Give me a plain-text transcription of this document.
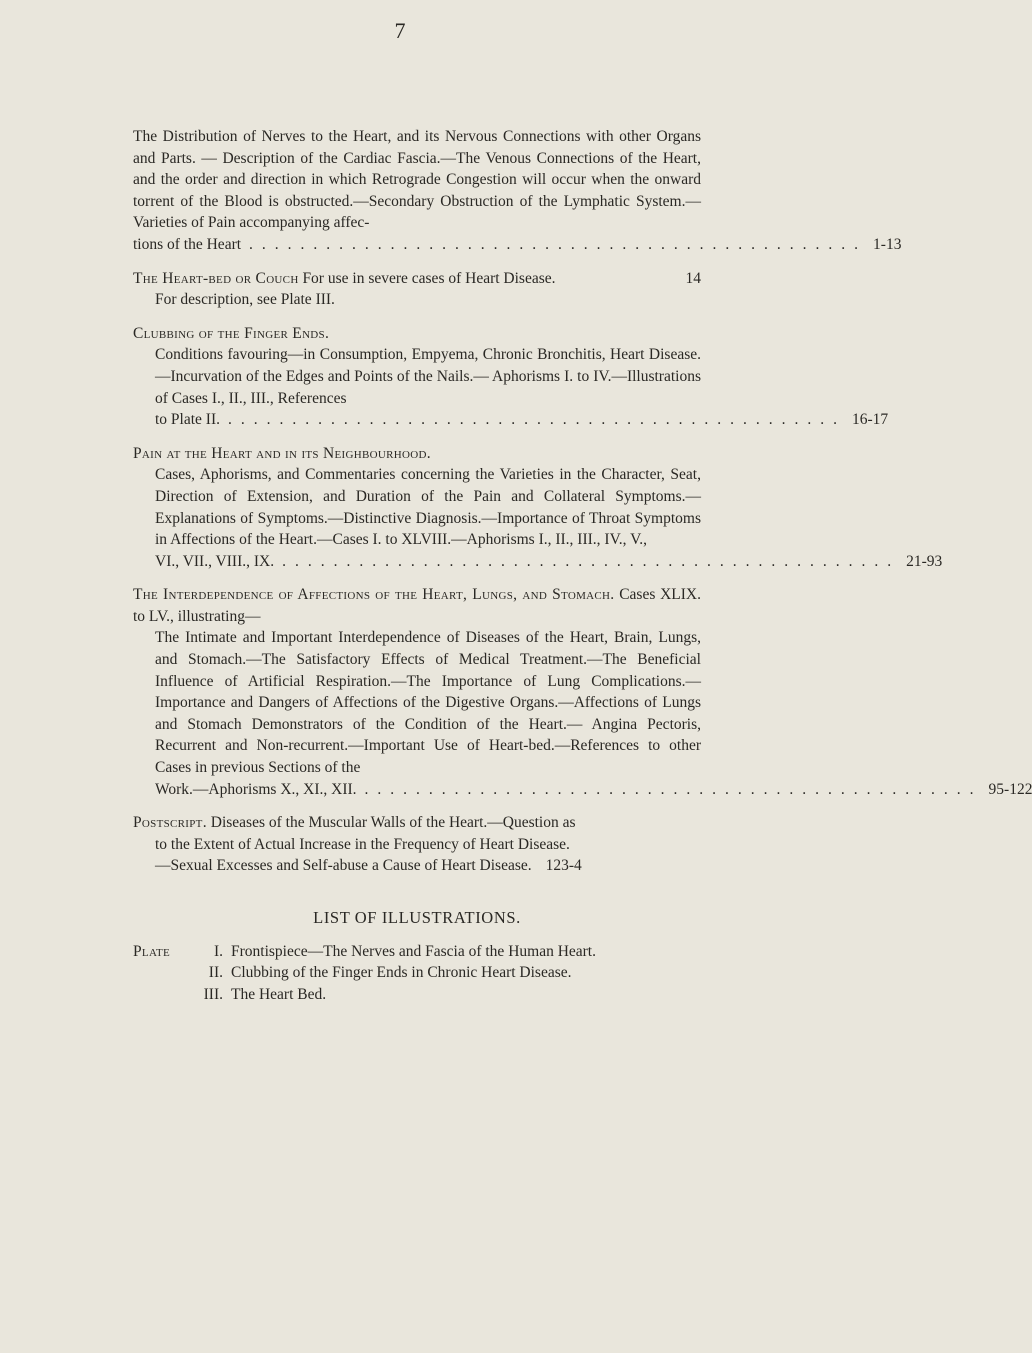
7

The Distribution of Nerves to the Heart, and its Nervous Connections with other Organs and Parts. — Description of the Cardiac Fascia.—The Venous Connections of the Heart, and the order and direction in which Retrograde Congestion will occur when the onward torrent of the Blood is obstructed.—Secondary Obstruction of the Lymphatic System.—Varieties of Pain accompanying affec-

tions of the Heart ................................................ 1-13
The Heart-bed or Couch For use in severe cases of Heart Disease.	14

For description, see Plate III.

Clubbing of the Finger Ends.

Conditions favouring—in Consumption, Empyema, Chronic Bronchitis, Heart Disease.—Incurvation of the Edges and Points of the Nails.— Aphorisms I. to IV.—Illustrations of Cases I., II., III., References

to Plate II. ................................................ 16-17

Pain at the Heart and in its Neighbourhood.

Cases, Aphorisms, and Commentaries concerning the Varieties in the Character, Seat, Direction of Extension, and Duration of the Pain and Collateral Symptoms.—Explanations of Symptoms.—Distinctive Diagnosis.—Importance of Throat Symptoms in Affections of the Heart.—Cases I. to XLVIII.—Aphorisms I., II., III., IV., V.,

VI., VII., VIII., IX. ................................................ 21-93

The Interdependence of Affections of the Heart, Lungs, and Stomach. Cases XLIX. to LV., illustrating—

The Intimate and Important Interdependence of Diseases of the Heart, Brain, Lungs, and Stomach.—The Satisfactory Effects of Medical Treatment.—The Beneficial Influence of Artificial Respiration.—The Importance of Lung Complications.—Importance and Dangers of Affections of the Digestive Organs.—Affections of Lungs and Stomach Demonstrators of the Condition of the Heart.— Angina Pectoris, Recurrent and Non-recurrent.—Important Use of Heart-bed.—References to other Cases in previous Sections of the

Work.—Aphorisms X., XI., XII. ................................................ 95-122

Postscript. Diseases of the Muscular Walls of the Heart.—Question as

to the Extent of Actual Increase in the Frequency of Heart Disease.

—Sexual Excesses and Self-abuse a Cause of Heart Disease. 123-4
LIST OF ILLUSTRATIONS.
Plate	I. Frontispiece—The Nerves and Fascia of the Human Heart.
II. Clubbing of the Finger Ends in Chronic Heart Disease.
III. The Heart Bed.
